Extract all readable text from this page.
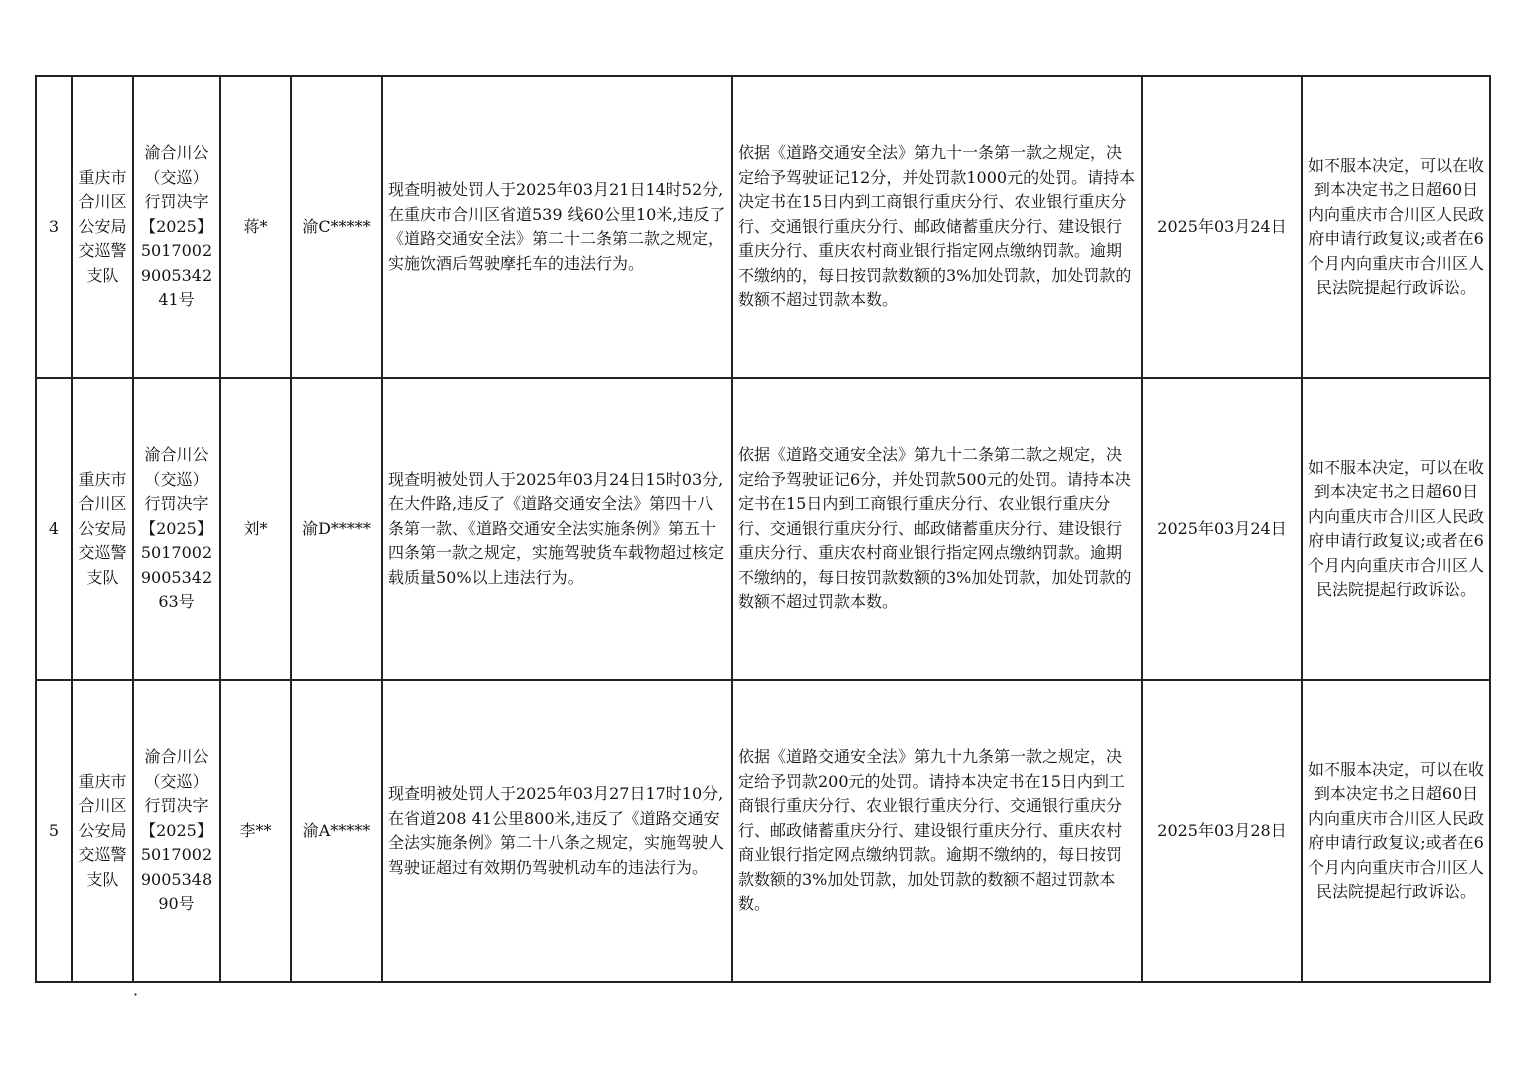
3	重庆市合川区公安局交巡警支队	渝合川公（交巡）行罚决字【2025】5017002900534241号	蒋*	渝C*****	现查明被处罚人于2025年03月21日14时52分,在重庆市合川区省道539 线60公里10米,违反了《道路交通安全法》第二十二条第二款之规定，实施饮酒后驾驶摩托车的违法行为。	依据《道路交通安全法》第九十一条第一款之规定，决定给予驾驶证记12分，并处罚款1000元的处罚。请持本决定书在15日内到工商银行重庆分行、农业银行重庆分行、交通银行重庆分行、邮政储蓄重庆分行、建设银行重庆分行、重庆农村商业银行指定网点缴纳罚款。逾期不缴纳的，每日按罚款数额的3%加处罚款，加处罚款的数额不超过罚款本数。	2025年03月24日	如不服本决定，可以在收到本决定书之日超60日内向重庆市合川区人民政府申请行政复议;或者在6个月内向重庆市合川区人民法院提起行政诉讼。
4	重庆市合川区公安局交巡警支队	渝合川公（交巡）行罚决字【2025】5017002900534263号	刘*	渝D*****	现查明被处罚人于2025年03月24日15时03分,在大件路,违反了《道路交通安全法》第四十八条第一款、《道路交通安全法实施条例》第五十四条第一款之规定，实施驾驶货车载物超过核定载质量50%以上违法行为。	依据《道路交通安全法》第九十二条第二款之规定，决定给予驾驶证记6分，并处罚款500元的处罚。请持本决定书在15日内到工商银行重庆分行、农业银行重庆分行、交通银行重庆分行、邮政储蓄重庆分行、建设银行重庆分行、重庆农村商业银行指定网点缴纳罚款。逾期不缴纳的，每日按罚款数额的3%加处罚款，加处罚款的数额不超过罚款本数。	2025年03月24日	如不服本决定，可以在收到本决定书之日超60日内向重庆市合川区人民政府申请行政复议;或者在6个月内向重庆市合川区人民法院提起行政诉讼。
5	重庆市合川区公安局交巡警支队	渝合川公（交巡）行罚决字【2025】5017002900534890号	李**	渝A*****	现查明被处罚人于2025年03月27日17时10分,在省道208 41公里800米,违反了《道路交通安全法实施条例》第二十八条之规定，实施驾驶人驾驶证超过有效期仍驾驶机动车的违法行为。	依据《道路交通安全法》第九十九条第一款之规定，决定给予罚款200元的处罚。请持本决定书在15日内到工商银行重庆分行、农业银行重庆分行、交通银行重庆分行、邮政储蓄重庆分行、建设银行重庆分行、重庆农村商业银行指定网点缴纳罚款。逾期不缴纳的，每日按罚款数额的3%加处罚款，加处罚款的数额不超过罚款本数。	2025年03月28日	如不服本决定，可以在收到本决定书之日超60日内向重庆市合川区人民政府申请行政复议;或者在6个月内向重庆市合川区人民法院提起行政诉讼。
·
